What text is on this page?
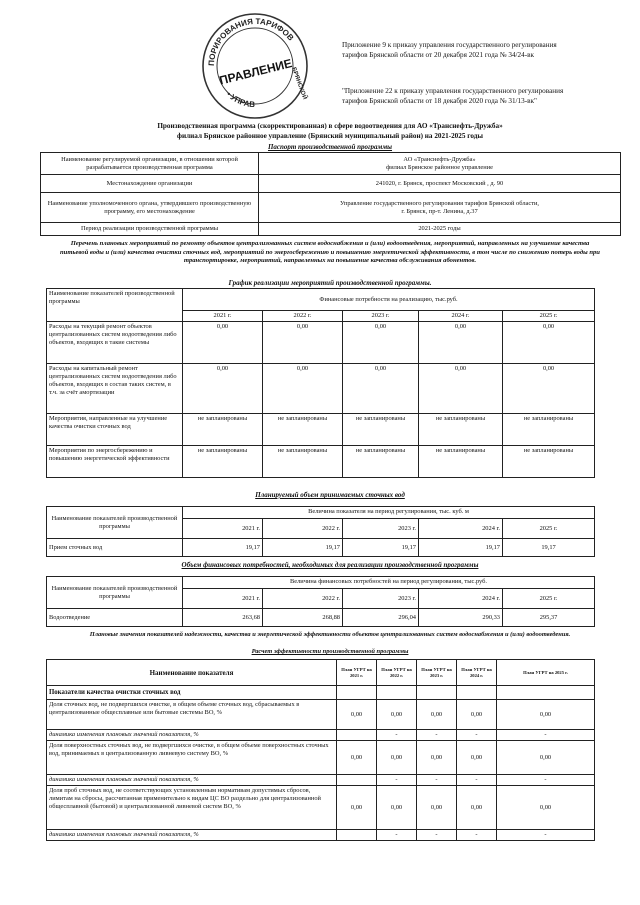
ПОРИРОВАНИЯ ТАРИФОВ
• УПРАВ
БРЯНСКОЙ
ПРАВЛЕНИЕ
Приложение 9 к приказу управления государственного регулирования
тарифов Брянской области от 20 декабря 2021 года № 34/24-вк
"Приложение 22 к приказу управления государственного регулирования
тарифов Брянской области от 18 декабря 2020 года № 31/13-вк"
Производственная программа (скорректированная) в сфере водоотведения для АО «Транснефть-Дружба»
филиал Брянское районное управление (Брянский муниципальный район) на 2021-2025 годы
Паспорт производственной программы
Наименование регулируемой организации, в отношении которой разрабатывается производственная программа	АО «Транснефть-Дружба»
филиал Брянское районное управление

Местонахождение организации	241020, г. Брянск, проспект Московский , д. 90
Наименование уполномоченного органа, утвердившего производственную программу, его местонахождение	Управление государственного регулирования тарифов Брянской области,
г. Брянск, пр-т. Ленина, д.37

Период реализации производственной программы	2021-2025 годы
Перечень плановых мероприятий по ремонту объектов централизованных систем водоснабжения и (или) водоотведения, мероприятий, направленных на улучшение качества питьевой воды и (или) качества очистки сточных вод, мероприятий по энергосбережению и повышению энергетической эффективности, в том числе по снижению потерь воды при транспортировке, мероприятий, направленных на повышение качества обслуживания абонентов.
График реализации мероприятий производственной программы.
Наименование показателей производственной программы	Финансовые потребности на реализацию, тыс.руб.				
	2021 г.	2022 г.	2023 г.	2024 г.	2025 г.
Расходы на текущий ремонт объектов централизованных систем водоотведения либо объектов, входящих в такие системы	0,00	0,00	0,00	0,00	0,00
Расходы на капитальный ремонт централизованных систем водоотведения либо объектов, входящих в состав таких систем, в т.ч. за счёт амортизации	0,00	0,00	0,00	0,00	0,00
Мероприятия, направленные на улучшение качества очистки сточных вод	не запланированы	не запланированы	не запланированы	не запланированы	не запланированы
Мероприятия по энергосбережению и повышению энергетической эффективности	не запланированы	не запланированы	не запланированы	не запланированы	не запланированы
Планируемый объем принимаемых сточных вод
Наименование показателей производственной программы	Величина показателя на период регулирования, тыс. куб. м				
	2021 г.	2022 г.	2023 г.	2024 г.	2025 г.
Прием сточных вод	19,17	19,17	19,17	19,17	19,17
Объем финансовых потребностей, необходимых для реализации производственной программы
Наименование показателей производственной программы	Величина финансовых потребностей на период регулирования, тыс.руб.				
	2021 г.	2022 г.	2023 г.	2024 г.	2025 г.
Водоотведение	263,68	268,88	296,04	290,33	295,37
Плановые значения показателей надежности, качества и энергетической эффективности объектов централизованных систем водоснабжения и (или) водоотведения.
Расчет эффективности производственной программы
Наименование показателя	План УГРТ на 2021 г.	План УГРТ на 2022 г.	План УГРТ на 2023 г.	План УГРТ на 2024 г.	План УГРТ на 2025 г.
Показатели качества очистки сточных вод					
Доля сточных вод, не подвергшихся очистке, в общем объеме сточных вод, сбрасываемых в централизованные общесплавные или бытовые системы ВО, %	0,00	0,00	0,00	0,00	0,00
динамика изменения плановых значений показателя, %		-	-	-	-
Доля поверхностных сточных вод, не подвергшихся очистке, в общем объеме поверхностных сточных вод, принимаемых в централизованную ливневую систему ВО, %	0,00	0,00	0,00	0,00	0,00
динамика изменения плановых значений показателя, %		-	-	-	-
Доля проб сточных вод, не соответствующих установленным нормативам допустимых сбросов, лимитам на сбросы, рассчитанная применительно к видам ЦС ВО раздельно для централизованной общесплавной (бытовой) и централизованной ливневой систем ВО, %	0,00	0,00	0,00	0,00	0,00
динамика изменения плановых значений показателя, %		-	-	-	-
